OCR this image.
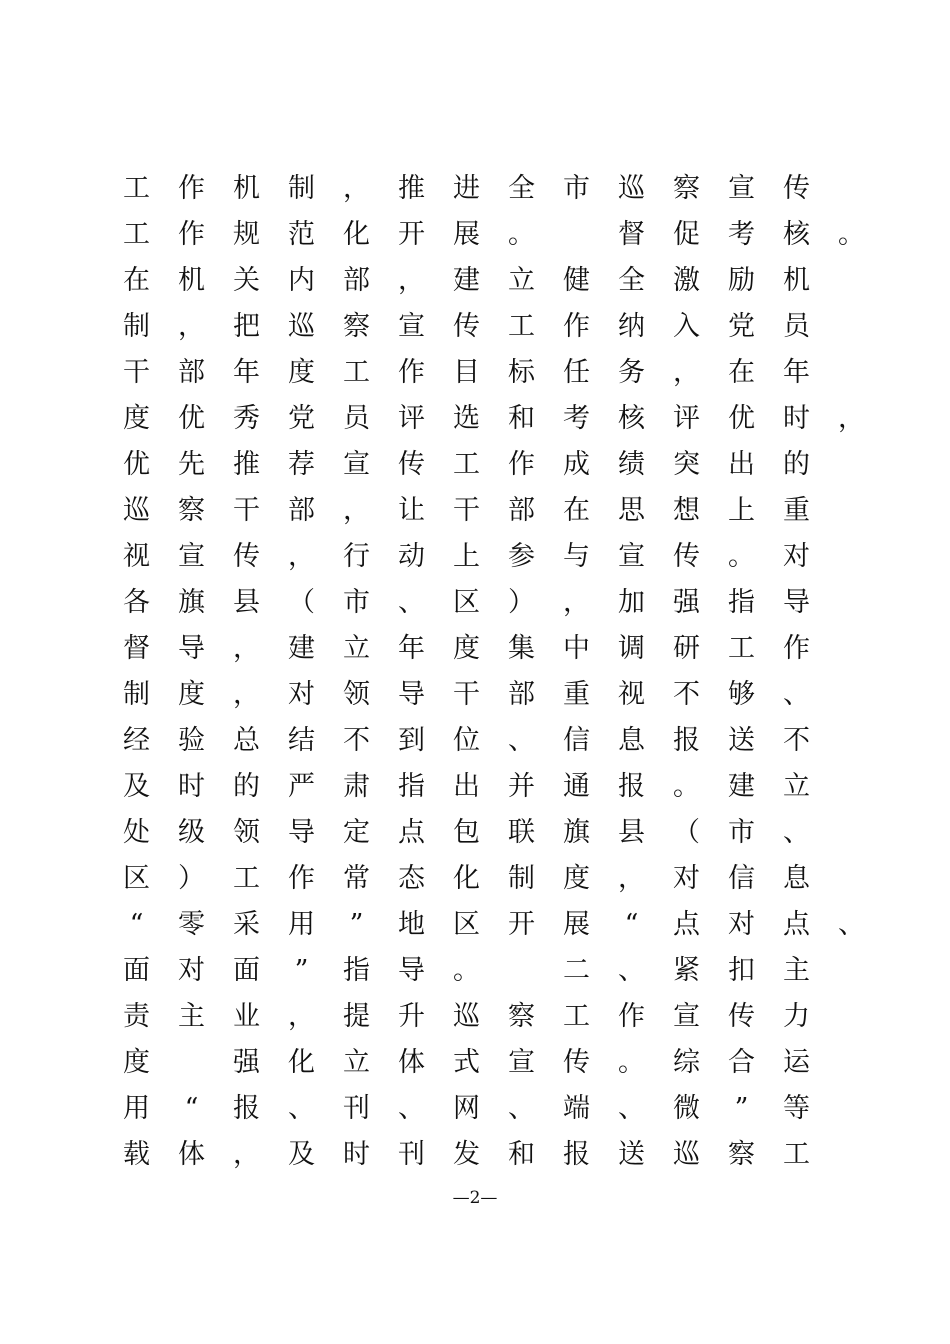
工 作 机 制 ， 推 进 全 市 巡 察 宣 传
工 作 规 范 化 开 展 。
	督 促 考 核 。
在 机 关 内 部 ， 建 立 健 全 激 励 机
制 ， 把 巡 察 宣 传 工 作 纳 入 党 员
干 部 年 度 工 作 目 标 任 务 ， 在 年
度 优 秀 党 员 评 选 和 考 核 评 优 时 ，
优 先 推 荐 宣 传 工 作 成 绩 突 出 的
巡 察 干 部 ， 让 干 部 在 思 想 上 重
视 宣 传 ， 行 动 上 参 与 宣 传 。 对
各 旗 县 （ 市 、 区 ） ， 加 强 指 导
督 导 ， 建 立 年 度 集 中 调 研 工 作
制 度 ， 对 领 导 干 部 重 视 不 够 、
经 验 总 结 不 到 位 、 信 息 报 送 不
及 时 的 严 肃 指 出 并 通 报 。 建 立
处 级 领 导 定 点 包 联 旗 县 （ 市 、
区 ） 工 作 常 态 化 制 度 ， 对 信 息
“	零 采 用	”	地 区 开 展	“	点 对 点 、
面 对 面	”	指 导 。
	二 、 紧 扣 主
责 主 业 ， 提 升 巡 察 工 作 宣 传 力
度
	强 化 立 体 式 宣 传 。 综 合 运
用	“	报 、 刊 、 网 、 端 、 微	”	等
载 体 ， 及 时 刊 发 和 报 送 巡 察 工
—2—
